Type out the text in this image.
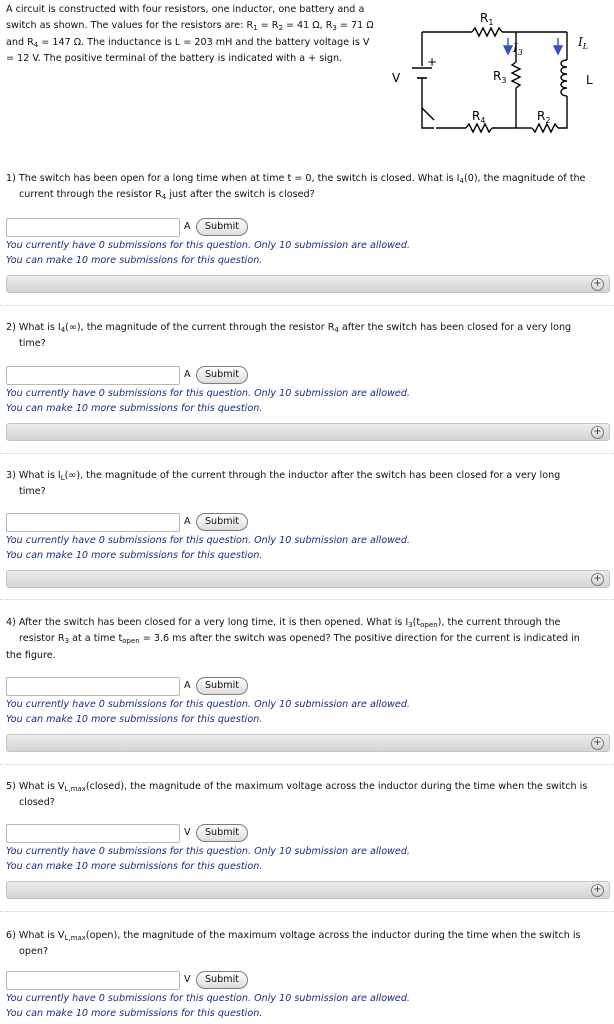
A circuit is constructed with four resistors, one inductor, one battery and a
switch as shown. The values for the resistors are: $R_1 = R_2 = 41$ Ω, $R_3 = 71$ Ω
and $R_4 = 147$ Ω. The inductance is L = 203 mH and the battery voltage is V
= 12 V. The positive terminal of the battery is indicated with a + sign.
$R_1$
$R_3$
$R_4$	$R_2$
V
+
L
$I_3$
$I_L$
1) The switch has been open for a long time when at time t = 0, the switch is closed. What is $I_4(0)$, the magnitude of the
current through the resistor $R_4$ just after the switch is closed?
A	Submit
You currently have 0 submissions for this question. Only 10 submission are allowed.
You can make 10 more submissions for this question.
+
2) What is $I_4(\infty)$, the magnitude of the current through the resistor $R_4$ after the switch has been closed for a very long
time?
A	Submit
You currently have 0 submissions for this question. Only 10 submission are allowed.
You can make 10 more submissions for this question.
+
3) What is $I_L(\infty)$, the magnitude of the current through the inductor after the switch has been closed for a very long
time?
A	Submit
You currently have 0 submissions for this question. Only 10 submission are allowed.
You can make 10 more submissions for this question.
+
4) After the switch has been closed for a very long time, it is then opened. What is $I_3(t_{open})$, the current through the
resistor $R_3$ at a time $t_{open} = 3.6$ ms after the switch was opened? The positive direction for the current is indicated in
the figure.
A	Submit
You currently have 0 submissions for this question. Only 10 submission are allowed.
You can make 10 more submissions for this question.
+
5) What is $V_{L,max}(closed)$, the magnitude of the maximum voltage across the inductor during the time when the switch is
closed?
V	Submit
You currently have 0 submissions for this question. Only 10 submission are allowed.
You can make 10 more submissions for this question.
+
6) What is $V_{L,max}(open)$, the magnitude of the maximum voltage across the inductor during the time when the switch is
open?
V	Submit
You currently have 0 submissions for this question. Only 10 submission are allowed.
You can make 10 more submissions for this question.
